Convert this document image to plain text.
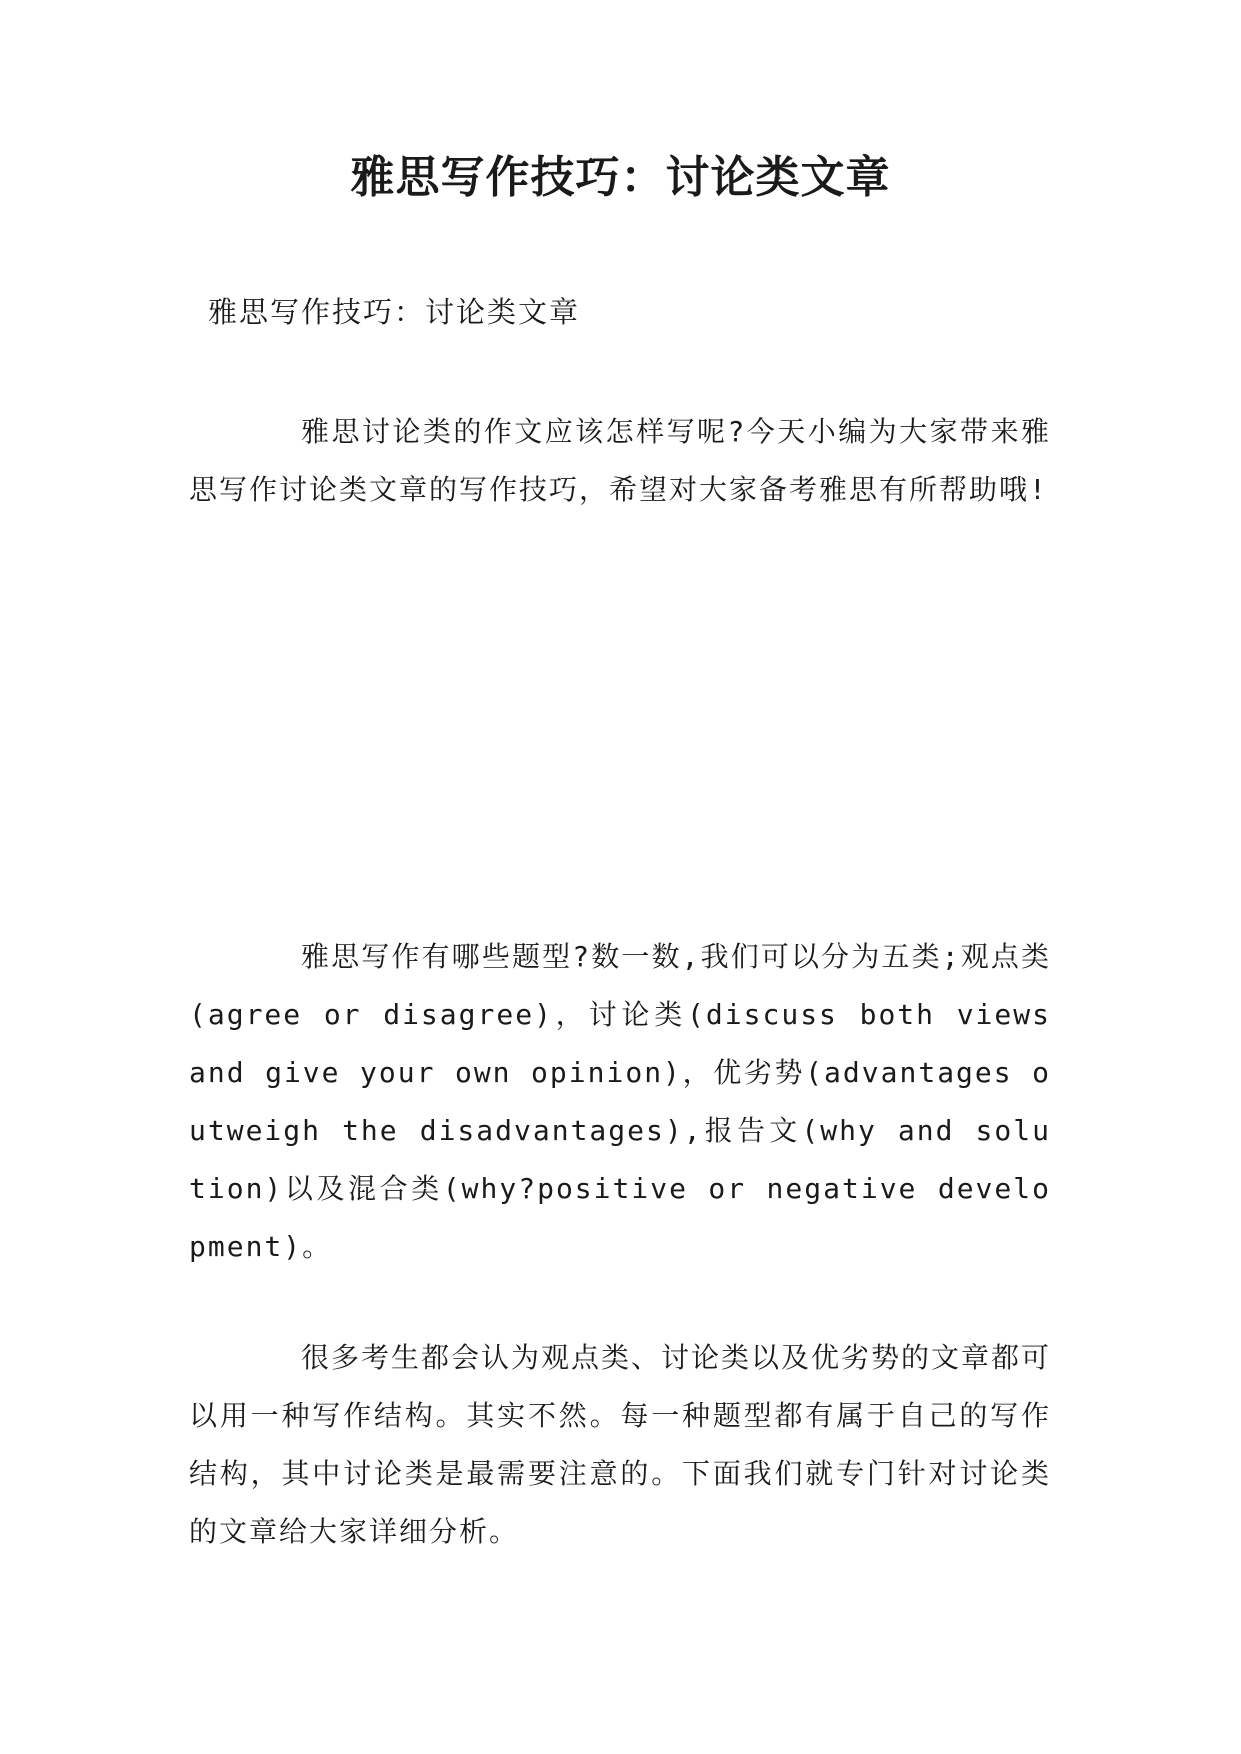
雅思写作技巧：讨论类文章

雅思写作技巧：讨论类文章

雅思讨论类的作文应该怎样写呢?今天小编为大家带来雅思写作讨论类文章的写作技巧，希望对大家备考雅思有所帮助哦!

雅思写作有哪些题型?数一数,我们可以分为五类;观点类(agree or disagree)，讨论类(discuss both views and give your own opinion)，优劣势(advantages outweigh the disadvantages),报告文(why and solution)以及混合类(why?positive or negative development)。

很多考生都会认为观点类、讨论类以及优劣势的文章都可以用一种写作结构。其实不然。每一种题型都有属于自己的写作结构，其中讨论类是最需要注意的。下面我们就专门针对讨论类的文章给大家详细分析。
